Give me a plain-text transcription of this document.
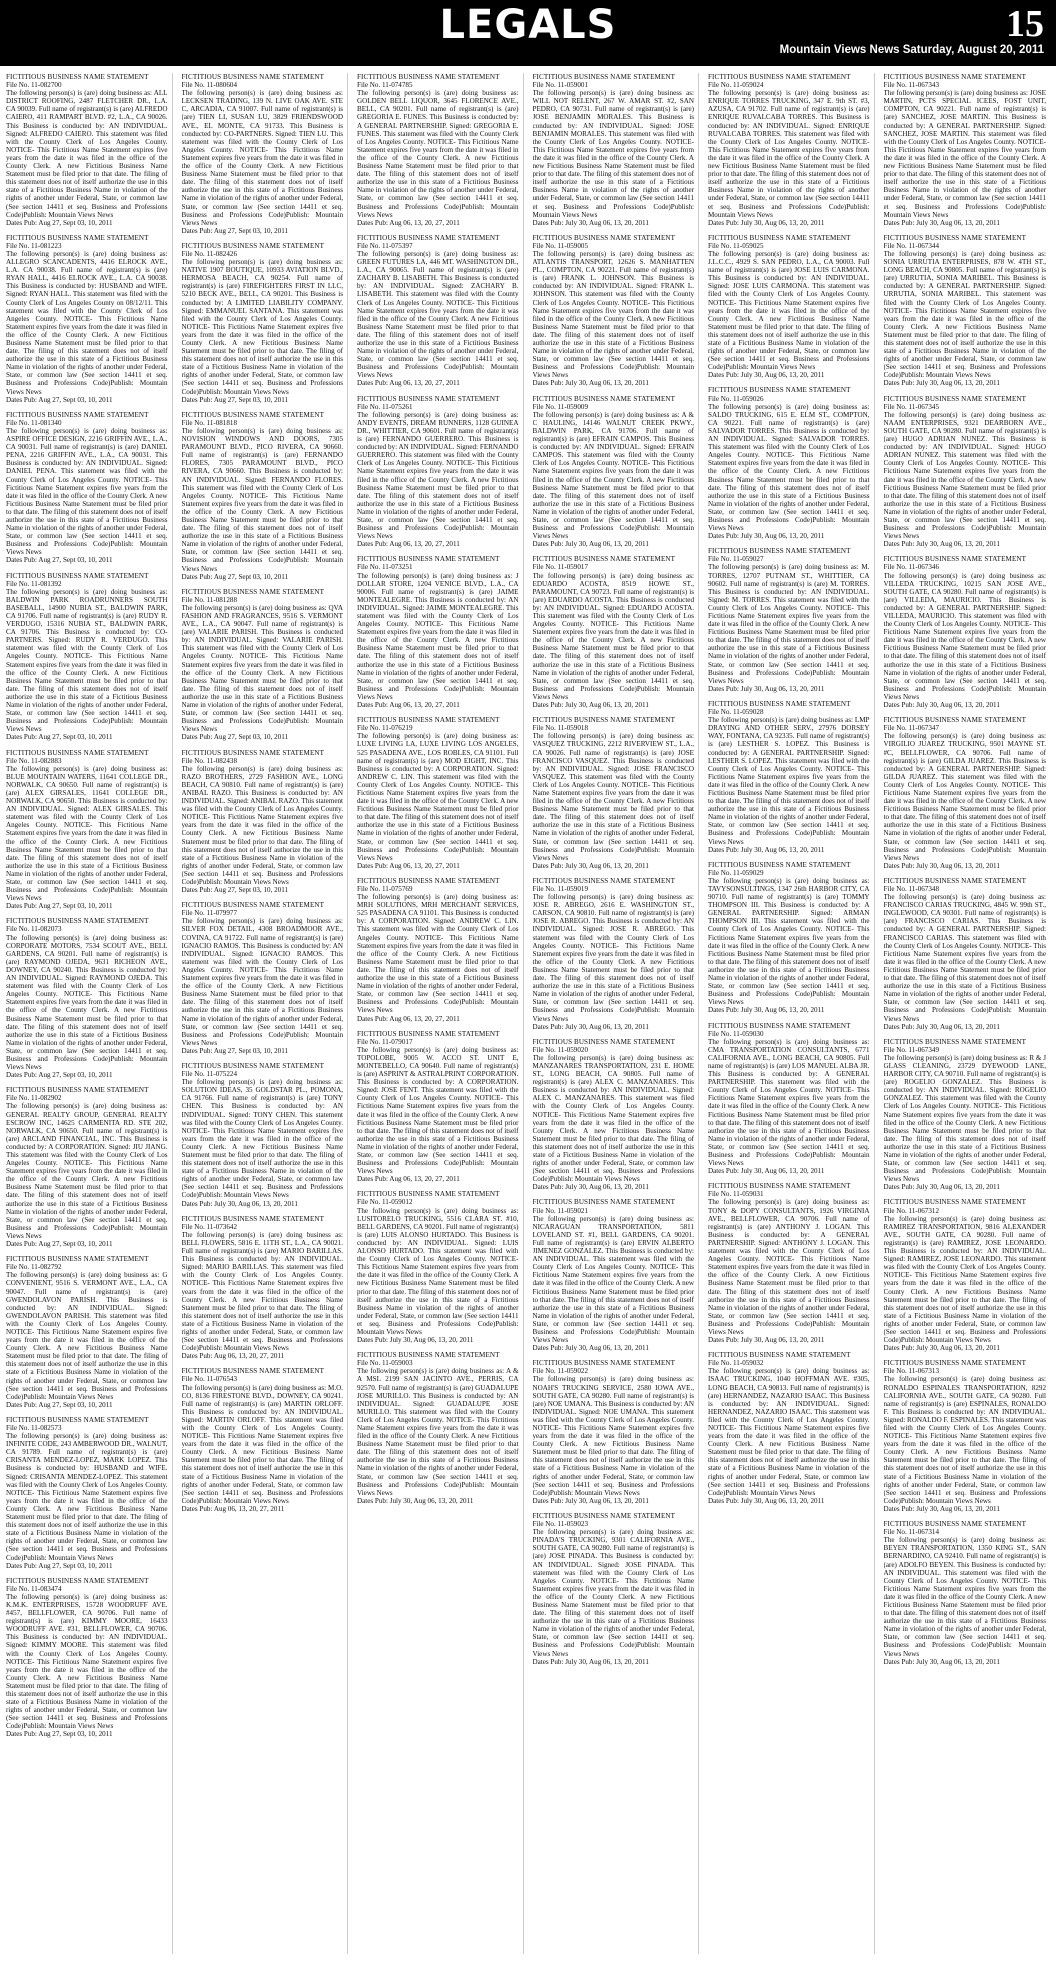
LEGALS	15
Mountain Views News Saturday, August 20, 2011
FICTITIOUS BUSINESS NAME STATEMENT
File No. 11-082700
The following person(s) is (are) doing business as: ALL DISTRICT ROOFING, 2487 FLETCHER DR., L.A. CA 90039. Full name of registrant(s) is (are) ALFREDO CAIERO, 411 RAMPART BLVD. #2, L.A., CA 90026. This Business is conducted by: AN INDIVIDUAL. Signed: ALFREDO CAIERO. This statement was filed with the County Clerk of Los Angeles County. NOTICE- This Fictitious Name Statement expires five years from the date it was filed in the office of the County Clerk. A new Fictitious Business Name Statement must be filed prior to that date. The filing of this statement does not of itself authorize the use in this state of a Fictitious Business Name in violation of the rights of another under Federal, State, or common law (See section 14411 et seq. Business and Professions Code)Publish: Mountain Views News
Dates Pub: Aug 27, Sept 03, 10, 2011
FICTITIOUS BUSINESS NAME STATEMENT
File No. 11-081223
The following person(s) is (are) doing business as: ALLEGRO SCANCADENTS, 4416 ELROCK AVE., L.A. CA 90038. Full name of registrant(s) is (are) RYAN HALL, 4416 ELROCK AVE., L.A. CA 90038. This Business is conducted by: HUSBAND and WIFE. Signed: RYAN HALL. This statement was filed with the County Clerk of Los Angeles County on 08/12/11. This statement was filed with the County Clerk of Los Angeles County. NOTICE- This Fictitious Name Statement expires five years from the date it was filed in the office of the County Clerk. A new Fictitious Business Name Statement must be filed prior to that date. The filing of this statement does not of itself authorize the use in this state of a Fictitious Business Name in violation of the rights of another under Federal, State, or common law (See section 14411 et seq. Business and Professions Code)Publish: Mountain Views News
Dates Pub: Aug 27, Sept 03, 10, 2011
FICTITIOUS BUSINESS NAME STATEMENT
File No. 11-081340
The following person(s) is (are) doing business as: ASPIRE OFFICE DESIGN, 2216 GRIFFIN AVE., L.A., CA 90031. Full name of registrant(s) is (are) DANIEL PENA, 2216 GRIFFIN AVE., L.A., CA 90031. This Business is conducted by: AN INDIVIDUAL. Signed: DANIEL PENA. This statement was filed with the County Clerk of Los Angeles County. NOTICE- This Fictitious Name Statement expires five years from the date it was filed in the office of the County Clerk. A new Fictitious Business Name Statement must be filed prior to that date. The filing of this statement does not of itself authorize the use in this state of a Fictitious Business Name in violation of the rights of another under Federal, State, or common law (See section 14411 et seq. Business and Professions Code)Publish: Mountain Views News
Dates Pub: Aug 27, Sept 03, 10, 2011
FICTITIOUS BUSINESS NAME STATEMENT
File No. 11-081392
The following person(s) is (are) doing business as: BALDWIN PARK ROADRUNNERS SOUTH BASEBALL, 14900 NUBIA ST., BALDWIN PARK, CA 91706. Full name of registrant(s) is (are) RUDY R. VERDUGO, 15316 NUBIA ST., BALDWIN PARK, CA 91706. This Business is conducted by: CO-PARTNERS. Signed: RUDY R. VERDUGO. This statement was filed with the County Clerk of Los Angeles County. NOTICE- This Fictitious Name Statement expires five years from the date it was filed in the office of the County Clerk. A new Fictitious Business Name Statement must be filed prior to that date. The filing of this statement does not of itself authorize the use in this state of a Fictitious Business Name in violation of the rights of another under Federal, State, or common law (See section 14411 et seq. Business and Professions Code)Publish: Mountain Views News
Dates Pub: Aug 27, Sept 03, 10, 2011
FICTITIOUS BUSINESS NAME STATEMENT
File No. 11-082883
The following person(s) is (are) doing business as: BLUE MOUNTAIN WATERS, 11641 COLLEGE DR., NORWALK, CA 90650. Full name of registrant(s) is (are) ALEX GIRSALES, 11641 COLLEGE DR., NORWALK, CA 90650. This Business is conducted by: AN INDIVIDUAL. Signed: ALEX GIRSALES. This statement was filed with the County Clerk of Los Angeles County. NOTICE- This Fictitious Name Statement expires five years from the date it was filed in the office of the County Clerk. A new Fictitious Business Name Statement must be filed prior to that date. The filing of this statement does not of itself authorize the use in this state of a Fictitious Business Name in violation of the rights of another under Federal, State, or common law (See section 14411 et seq. Business and Professions Code)Publish: Mountain Views News
Dates Pub: Aug 27, Sept 03, 10, 2011
FICTITIOUS BUSINESS NAME STATEMENT
File No. 11-082073
The following person(s) is (are) doing business as: CORPORATE MOTORS, 7534 SCOUT AVE., BELL GARDENS, CA 90201. Full name of registrant(s) is (are) RAYMOND OJEDA, 9631 RICHEON AVE., DOWNEY, CA 90240. This Business is conducted by: AN INDIVIDUAL. Signed: RAYMOND OJEDA. This statement was filed with the County Clerk of Los Angeles County. NOTICE- This Fictitious Name Statement expires five years from the date it was filed in the office of the County Clerk. A new Fictitious Business Name Statement must be filed prior to that date. The filing of this statement does not of itself authorize the use in this state of a Fictitious Business Name in violation of the rights of another under Federal, State, or common law (See section 14411 et seq. Business and Professions Code)Publish: Mountain Views News
Dates Pub: Aug 27, Sept 03, 10, 2011
FICTITIOUS BUSINESS NAME STATEMENT
File No. 11-082902
The following person(s) is (are) doing business as: GENERAL REALTY GROUP, GENERAL REALTY ESCROW INC, 14625 CARMENITA RD. STE 202, NORWALK, CA 90650. Full name of registrant(s) is (are) ARCLAND FINANCIAL, INC. This Business is conducted by: A CORPORATION. Signed: JIU JIANG. This statement was filed with the County Clerk of Los Angeles County. NOTICE- This Fictitious Name Statement expires five years from the date it was filed in the office of the County Clerk. A new Fictitious Business Name Statement must be filed prior to that date. The filing of this statement does not of itself authorize the use in this state of a Fictitious Business Name in violation of the rights of another under Federal, State, or common law (See section 14411 et seq. Business and Professions Code)Publish: Mountain Views News
Dates Pub: Aug 27, Sept 03, 10, 2011
FICTITIOUS BUSINESS NAME STATEMENT
File No. 11-082792
The following person(s) is (are) doing business as: G CONVENIENT, 9516 S. VERMONT AVE., L.A., CA 90047. Full name of registrant(s) is (are) GWENDOLAVON PARISH. This Business is conducted by: AN INDIVIDUAL. Signed: GWENDOLAVON PARISH. This statement was filed with the County Clerk of Los Angeles County. NOTICE- This Fictitious Name Statement expires five years from the date it was filed in the office of the County Clerk. A new Fictitious Business Name Statement must be filed prior to that date. The filing of this statement does not of itself authorize the use in this state of a Fictitious Business Name in violation of the rights of another under Federal, State, or common law (See section 14411 et seq. Business and Professions Code)Publish: Mountain Views News
Dates Pub: Aug 27, Sept 03, 10, 2011
FICTITIOUS BUSINESS NAME STATEMENT
File No. 11-082573
The following person(s) is (are) doing business as: INFINITE CODE, 243 AMBERWOOD DR., WALNUT, CA 91789. Full name of registrant(s) is (are) CRISANTA MENDEZ-LOPEZ, MARK LOPEZ. This Business is conducted by: HUSBAND and WIFE. Signed: CRISANTA MENDEZ-LOPEZ. This statement was filed with the County Clerk of Los Angeles County. NOTICE- This Fictitious Name Statement expires five years from the date it was filed in the office of the County Clerk. A new Fictitious Business Name Statement must be filed prior to that date. The filing of this statement does not of itself authorize the use in this state of a Fictitious Business Name in violation of the rights of another under Federal, State, or common law (See section 14411 et seq. Business and Professions Code)Publish: Mountain Views News
Dates Pub: Aug 27, Sept 03, 10, 2011
FICTITIOUS BUSINESS NAME STATEMENT
File No. 11-083474
The following person(s) is (are) doing business as: K.M.K. ENTERPRISES, 15728 WOODRUFF AVE. #457, BELLFLOWER, CA 90706. Full name of registrant(s) is (are) KIMMY MOORE, 16433 WOODRUFF AVE. #31, BELLFLOWER, CA 90706. This Business is conducted by: AN INDIVIDUAL. Signed: KIMMY MOORE. This statement was filed with the County Clerk of Los Angeles County. NOTICE- This Fictitious Name Statement expires five years from the date it was filed in the office of the County Clerk. A new Fictitious Business Name Statement must be filed prior to that date. The filing of this statement does not of itself authorize the use in this state of a Fictitious Business Name in violation of the rights of another under Federal, State, or common law (See section 14411 et seq. Business and Professions Code)Publish: Mountain Views News
Dates Pub: Aug 27, Sept 03, 10, 2011
FICTITIOUS BUSINESS NAME STATEMENT
File No. 11-080604
The following person(s) is (are) doing business as: LECKSEN TRADING, 139 N. LIVE OAK AVE. STE C, ARCADIA, CA 91007. Full name of registrant(s) is (are) TIEN LI, SUSAN LU, 3829 FRIENDSWOOD AVE., EL MONTE, CA 91733. This Business is conducted by: CO-PARTNERS. Signed: TIEN LU. This statement was filed with the County Clerk of Los Angeles County. NOTICE- This Fictitious Name Statement expires five years from the date it was filed in the office of the County Clerk. A new Fictitious Business Name Statement must be filed prior to that date. The filing of this statement does not of itself authorize the use in this state of a Fictitious Business Name in violation of the rights of another under Federal, State, or common law (See section 14411 et seq. Business and Professions Code)Publish: Mountain Views News
Dates Pub: Aug 27, Sept 03, 10, 2011
FICTITIOUS BUSINESS NAME STATEMENT
File No. 11-082426
The following person(s) is (are) doing business as: NATIVE 1907 BOUTIQUE, 10933 AVIATION BLVD., HERMOSA BEACH, CA 90254. Full name of registrant(s) is (are) FIREFIGHTERS FIRST IN LLC, 5210 BECK AVE., BELL, CA 90201. This Business is conducted by: A LIMITED LIABILITY COMPANY. Signed: EMMANUEL SANTANA. This statement was filed with the County Clerk of Los Angeles County. NOTICE- This Fictitious Name Statement expires five years from the date it was filed in the office of the County Clerk. A new Fictitious Business Name Statement must be filed prior to that date. The filing of this statement does not of itself authorize the use in this state of a Fictitious Business Name in violation of the rights of another under Federal, State, or common law (See section 14411 et seq. Business and Professions Code)Publish: Mountain Views News
Dates Pub: Aug 27, Sept 03, 10, 2011
FICTITIOUS BUSINESS NAME STATEMENT
File No. 11-081818
The following person(s) is (are) doing business as: NOVISION WINDOWS AND DOORS, 7305 PARAMOUNT BLVD., PICO RIVERA, CA 90660. Full name of registrant(s) is (are) FERNANDO FLORES, 7305 PARAMOUNT BLVD., PICO RIVERA, CA 90660. This Business is conducted by: AN INDIVIDUAL. Signed: FERNANDO FLORES. This statement was filed with the County Clerk of Los Angeles County. NOTICE- This Fictitious Name Statement expires five years from the date it was filed in the office of the County Clerk. A new Fictitious Business Name Statement must be filed prior to that date. The filing of this statement does not of itself authorize the use in this state of a Fictitious Business Name in violation of the rights of another under Federal, State, or common law (See section 14411 et seq. Business and Professions Code)Publish: Mountain Views News
Dates Pub: Aug 27, Sept 03, 10, 2011
FICTITIOUS BUSINESS NAME STATEMENT
File No. 11-081288
The following person(s) is (are) doing business as: QVA FASHION AND FRAGRANCES, 9516 S. VERMONT AVE., L.A., CA 90047. Full name of registrant(s) is (are) VALARIE PARISH. This Business is conducted by: AN INDIVIDUAL. Signed: VALARIE PARISH. This statement was filed with the County Clerk of Los Angeles County. NOTICE- This Fictitious Name Statement expires five years from the date it was filed in the office of the County Clerk. A new Fictitious Business Name Statement must be filed prior to that date. The filing of this statement does not of itself authorize the use in this state of a Fictitious Business Name in violation of the rights of another under Federal, State, or common law (See section 14411 et seq. Business and Professions Code)Publish: Mountain Views News
Dates Pub: Aug 27, Sept 03, 10, 2011
FICTITIOUS BUSINESS NAME STATEMENT
File No. 11-082438
The following person(s) is (are) doing business as: RAZO BROTHERS, 2729 FASHION AVE., LONG BEACH, CA 90810. Full name of registrant(s) is (are) ANIBAL RAZO. This Business is conducted by: AN INDIVIDUAL. Signed: ANIBAL RAZO. This statement was filed with the County Clerk of Los Angeles County. NOTICE- This Fictitious Name Statement expires five years from the date it was filed in the office of the County Clerk. A new Fictitious Business Name Statement must be filed prior to that date. The filing of this statement does not of itself authorize the use in this state of a Fictitious Business Name in violation of the rights of another under Federal, State, or common law (See section 14411 et seq. Business and Professions Code)Publish: Mountain Views News
Dates Pub: Aug 27, Sept 03, 10, 2011
FICTITIOUS BUSINESS NAME STATEMENT
File No. 11-079977
The following person(s) is (are) doing business as: SILVER FOX DETAIL, 4308 BROADMOOR AVE., COVINA, CA 91722. Full name of registrant(s) is (are) IGNACIO RAMOS. This Business is conducted by: AN INDIVIDUAL. Signed: IGNACIO RAMOS. This statement was filed with the County Clerk of Los Angeles County. NOTICE- This Fictitious Name Statement expires five years from the date it was filed in the office of the County Clerk. A new Fictitious Business Name Statement must be filed prior to that date. The filing of this statement does not of itself authorize the use in this state of a Fictitious Business Name in violation of the rights of another under Federal, State, or common law (See section 14411 et seq. Business and Professions Code)Publish: Mountain Views News
Dates Pub: Aug 27, Sept 03, 10, 2011
FICTITIOUS BUSINESS NAME STATEMENT
File No. 11-075224
The following person(s) is (are) doing business as: SOLUTION IDEAS, 35 GOLDSTAR PL., POMONA, CA 91766. Full name of registrant(s) is (are) TONY CHEN. This Business is conducted by: AN INDIVIDUAL. Signed: TONY CHEN. This statement was filed with the County Clerk of Los Angeles County. NOTICE- This Fictitious Name Statement expires five years from the date it was filed in the office of the County Clerk. A new Fictitious Business Name Statement must be filed prior to that date. The filing of this statement does not of itself authorize the use in this state of a Fictitious Business Name in violation of the rights of another under Federal, State, or common law (See section 14411 et seq. Business and Professions Code)Publish: Mountain Views News
Dates Pub: July 30, Aug 06, 13, 20, 2011
FICTITIOUS BUSINESS NAME STATEMENT
File No. 11-073642
The following person(s) is (are) doing business as: BELL FLOWERS, 5816 E. 11TH ST., L.A., CA 90021. Full name of registrant(s) is (are) MARIO BARILLAS. This Business is conducted by: AN INDIVIDUAL. Signed: MARIO BARILLAS. This statement was filed with the County Clerk of Los Angeles County. NOTICE- This Fictitious Name Statement expires five years from the date it was filed in the office of the County Clerk. A new Fictitious Business Name Statement must be filed prior to that date. The filing of this statement does not of itself authorize the use in this state of a Fictitious Business Name in violation of the rights of another under Federal, State, or common law (See section 14411 et seq. Business and Professions Code)Publish: Mountain Views News
Dates Pub: Aug 06, 13, 20, 27, 2011
FICTITIOUS BUSINESS NAME STATEMENT
File No. 11-076543
The following person(s) is (are) doing business as: M.O. CO, 8136 FIRESTONE BLVD., DOWNEY, CA 90241. Full name of registrant(s) is (are) MARTIN ORLOFF. This Business is conducted by: AN INDIVIDUAL. Signed: MARTIN ORLOFF. This statement was filed with the County Clerk of Los Angeles County. NOTICE- This Fictitious Name Statement expires five years from the date it was filed in the office of the County Clerk. A new Fictitious Business Name Statement must be filed prior to that date. The filing of this statement does not of itself authorize the use in this state of a Fictitious Business Name in violation of the rights of another under Federal, State, or common law (See section 14411 et seq. Business and Professions Code)Publish: Mountain Views News
Dates Pub: Aug 06, 13, 20, 27, 2011
FICTITIOUS BUSINESS NAME STATEMENT
File No. 11-074785
The following person(s) is (are) doing business as: GOLDEN BELL LIQUOR, 3645 FLORENCE AVE., BELL, CA 90201. Full name of registrant(s) is (are) GREGORIA E. FUNES. This Business is conducted by: A GENERAL PARTNERSHIP. Signed: GREGORIA E. FUNES. This statement was filed with the County Clerk of Los Angeles County. NOTICE- This Fictitious Name Statement expires five years from the date it was filed in the office of the County Clerk. A new Fictitious Business Name Statement must be filed prior to that date. The filing of this statement does not of itself authorize the use in this state of a Fictitious Business Name in violation of the rights of another under Federal, State, or common law (See section 14411 et seq. Business and Professions Code)Publish: Mountain Views News
Dates Pub: Aug 06, 13, 20, 27, 2011
FICTITIOUS BUSINESS NAME STATEMENT
File No. 11-075397
The following person(s) is (are) doing business as: GREEN FUTURES LA, 446 MT. WASHINGTON DR., L.A., CA 90065. Full name of registrant(s) is (are) ZACHARY B. LISABETH. This Business is conducted by: AN INDIVIDUAL. Signed: ZACHARY B. LISABETH. This statement was filed with the County Clerk of Los Angeles County. NOTICE- This Fictitious Name Statement expires five years from the date it was filed in the office of the County Clerk. A new Fictitious Business Name Statement must be filed prior to that date. The filing of this statement does not of itself authorize the use in this state of a Fictitious Business Name in violation of the rights of another under Federal, State, or common law (See section 14411 et seq. Business and Professions Code)Publish: Mountain Views News
Dates Pub: Aug 06, 13, 20, 27, 2011
FICTITIOUS BUSINESS NAME STATEMENT
File No. 11-075261
The following person(s) is (are) doing business as: ANDY EVENTS, DREAM RUNNERS, 1128 GUINEA DR., WHITTIER, CA 90601. Full name of registrant(s) is (are) FERNANDO GUERRERO. This Business is conducted by: AN INDIVIDUAL. Signed: FERNANDO GUERRERO. This statement was filed with the County Clerk of Los Angeles County. NOTICE- This Fictitious Name Statement expires five years from the date it was filed in the office of the County Clerk. A new Fictitious Business Name Statement must be filed prior to that date. The filing of this statement does not of itself authorize the use in this state of a Fictitious Business Name in violation of the rights of another under Federal, State, or common law (See section 14411 et seq. Business and Professions Code)Publish: Mountain Views News
Dates Pub: Aug 06, 13, 20, 27, 2011
FICTITIOUS BUSINESS NAME STATEMENT
File No. 11-073251
The following person(s) is (are) doing business as: J DOLLAR STORE, 1204 VENICE BLVD., L.A., CA 90006. Full name of registrant(s) is (are) JAIME MONTEALEGRE. This Business is conducted by: AN INDIVIDUAL. Signed: JAIME MONTEALEGRE. This statement was filed with the County Clerk of Los Angeles County. NOTICE- This Fictitious Name Statement expires five years from the date it was filed in the office of the County Clerk. A new Fictitious Business Name Statement must be filed prior to that date. The filing of this statement does not of itself authorize the use in this state of a Fictitious Business Name in violation of the rights of another under Federal, State, or common law (See section 14411 et seq. Business and Professions Code)Publish: Mountain Views News
Dates Pub: Aug 06, 13, 20, 27, 2011
FICTITIOUS BUSINESS NAME STATEMENT
File No. 11-076219
The following person(s) is (are) doing business as: LUXE LIVING LA, LUXE LIVING LOS ANGELES, 525 PASADENA AVE., LOS ROBLES, CA 91101. Full name of registrant(s) is (are) MOD EIGHT, INC. This Business is conducted by: A CORPORATION. Signed: ANDREW C. LIN. This statement was filed with the County Clerk of Los Angeles County. NOTICE- This Fictitious Name Statement expires five years from the date it was filed in the office of the County Clerk. A new Fictitious Business Name Statement must be filed prior to that date. The filing of this statement does not of itself authorize the use in this state of a Fictitious Business Name in violation of the rights of another under Federal, State, or common law (See section 14411 et seq. Business and Professions Code)Publish: Mountain Views News
Dates Pub: Aug 06, 13, 20, 27, 2011
FICTITIOUS BUSINESS NAME STATEMENT
File No. 11-075769
The following person(s) is (are) doing business as: MRH SOLUTIONS, MRH MERCHANT SERVICES, 525 PASADENA CA 91101. This Business is conducted by: A CORPORATION. Signed: ANDREW C. LIN. This statement was filed with the County Clerk of Los Angeles County. NOTICE- This Fictitious Name Statement expires five years from the date it was filed in the office of the County Clerk. A new Fictitious Business Name Statement must be filed prior to that date. The filing of this statement does not of itself authorize the use in this state of a Fictitious Business Name in violation of the rights of another under Federal, State, or common law (See section 14411 et seq. Business and Professions Code)Publish: Mountain Views News
Dates Pub: Aug 06, 13, 20, 27, 2011
FICTITIOUS BUSINESS NAME STATEMENT
File No. 11-079017
The following person(s) is (are) doing business as: TOPOLOBE, 9005 W. ACCO ST. UNIT E, MONTEBELLO, CA 90640. Full name of registrant(s) is (are) ASPRINT & ASTRALPRINT CORPORATION. This Business is conducted by: A CORPORATION. Signed: JOSE FENT. This statement was filed with the County Clerk of Los Angeles County. NOTICE- This Fictitious Name Statement expires five years from the date it was filed in the office of the County Clerk. A new Fictitious Business Name Statement must be filed prior to that date. The filing of this statement does not of itself authorize the use in this state of a Fictitious Business Name in violation of the rights of another under Federal, State, or common law (See section 14411 et seq. Business and Professions Code)Publish: Mountain Views News
Dates Pub: Aug 06, 13, 20, 27, 2011
FICTITIOUS BUSINESS NAME STATEMENT
File No. 11-059012
The following person(s) is (are) doing business as: LUSITORELO TRUCKING, 5516 CLARA ST. #10, BELL GARDENS, CA 90201. Full name of registrant(s) is (are) LUIS ALONSO HURTADO. This Business is conducted by: AN INDIVIDUAL. Signed: LUIS ALONSO HURTADO. This statement was filed with the County Clerk of Los Angeles County. NOTICE- This Fictitious Name Statement expires five years from the date it was filed in the office of the County Clerk. A new Fictitious Business Name Statement must be filed prior to that date. The filing of this statement does not of itself authorize the use in this state of a Fictitious Business Name in violation of the rights of another under Federal, State, or common law (See section 14411 et seq. Business and Professions Code)Publish: Mountain Views News
Dates Pub: July 30, Aug 06, 13, 20, 2011
FICTITIOUS BUSINESS NAME STATEMENT
File No. 11-059003
The following person(s) is (are) doing business as: A & A MSL 2199 SAN JACINTO AVE., PERRIS, CA 92570. Full name of registrant(s) is (are) GUADALUPE JOSE MURILLO. This Business is conducted by: AN INDIVIDUAL. Signed: GUADALUPE JOSE MURILLO. This statement was filed with the County Clerk of Los Angeles County. NOTICE- This Fictitious Name Statement expires five years from the date it was filed in the office of the County Clerk. A new Fictitious Business Name Statement must be filed prior to that date. The filing of this statement does not of itself authorize the use in this state of a Fictitious Business Name in violation of the rights of another under Federal, State, or common law (See section 14411 et seq. Business and Professions Code)Publish: Mountain Views News
Dates Pub: July 30, Aug 06, 13, 20, 2011
FICTITIOUS BUSINESS NAME STATEMENT
File No. 11-059001
The following person(s) is (are) doing business as: WILL NOT RELENT, 267 W. AMAR ST. #2, SAN PEDRO, CA 90731. Full name of registrant(s) is (are) JOSE BENJAMIN MORALES. This Business is conducted by: AN INDIVIDUAL. Signed: JOSE BENJAMIN MORALES. This statement was filed with the County Clerk of Los Angeles County. NOTICE- This Fictitious Name Statement expires five years from the date it was filed in the office of the County Clerk. A new Fictitious Business Name Statement must be filed prior to that date. The filing of this statement does not of itself authorize the use in this state of a Fictitious Business Name in violation of the rights of another under Federal, State, or common law (See section 14411 et seq. Business and Professions Code)Publish: Mountain Views News
Dates Pub: July 30, Aug 06, 13, 20, 2011
FICTITIOUS BUSINESS NAME STATEMENT
File No. 11-059005
The following person(s) is (are) doing business as: ATLANTIS TRANSPORT, 12626 S. MANHATTEN PL., COMPTON, CA 90221. Full name of registrant(s) is (are) FRANK L. JOHNSON. This Business is conducted by: AN INDIVIDUAL. Signed: FRANK L. JOHNSON. This statement was filed with the County Clerk of Los Angeles County. NOTICE- This Fictitious Name Statement expires five years from the date it was filed in the office of the County Clerk. A new Fictitious Business Name Statement must be filed prior to that date. The filing of this statement does not of itself authorize the use in this state of a Fictitious Business Name in violation of the rights of another under Federal, State, or common law (See section 14411 et seq. Business and Professions Code)Publish: Mountain Views News
Dates Pub: July 30, Aug 06, 13, 20, 2011
FICTITIOUS BUSINESS NAME STATEMENT
File No. 11-059009
The following person(s) is (are) doing business as: A & C HAULING, 14146 WALNUT CREEK PKWY., BALDWIN PARK, CA 91706. Full name of registrant(s) is (are) EFRAIN CAMPOS. This Business is conducted by: AN INDIVIDUAL. Signed: EFRAIN CAMPOS. This statement was filed with the County Clerk of Los Angeles County. NOTICE- This Fictitious Name Statement expires five years from the date it was filed in the office of the County Clerk. A new Fictitious Business Name Statement must be filed prior to that date. The filing of this statement does not of itself authorize the use in this state of a Fictitious Business Name in violation of the rights of another under Federal, State, or common law (See section 14411 et seq. Business and Professions Code)Publish: Mountain Views News
Dates Pub: July 30, Aug 06, 13, 20, 2011
FICTITIOUS BUSINESS NAME STATEMENT
File No. 11-059017
The following person(s) is (are) doing business as: EDUARDO ACOSTA, 8519 HOWE ST., PARAMOUNT, CA 90723. Full name of registrant(s) is (are) EDUARDO ACOSTA. This Business is conducted by: AN INDIVIDUAL. Signed: EDUARDO ACOSTA. This statement was filed with the County Clerk of Los Angeles County. NOTICE- This Fictitious Name Statement expires five years from the date it was filed in the office of the County Clerk. A new Fictitious Business Name Statement must be filed prior to that date. The filing of this statement does not of itself authorize the use in this state of a Fictitious Business Name in violation of the rights of another under Federal, State, or common law (See section 14411 et seq. Business and Professions Code)Publish: Mountain Views News
Dates Pub: July 30, Aug 06, 13, 20, 2011
FICTITIOUS BUSINESS NAME STATEMENT
File No. 11-059018
The following person(s) is (are) doing business as: VASQUEZ TRUCKING, 2212 RIVERVIEW ST., L.A., CA 90026. Full name of registrant(s) is (are) JOSE FRANCISCO VASQUEZ. This Business is conducted by: AN INDIVIDUAL. Signed: JOSE FRANCISCO VASQUEZ. This statement was filed with the County Clerk of Los Angeles County. NOTICE- This Fictitious Name Statement expires five years from the date it was filed in the office of the County Clerk. A new Fictitious Business Name Statement must be filed prior to that date. The filing of this statement does not of itself authorize the use in this state of a Fictitious Business Name in violation of the rights of another under Federal, State, or common law (See section 14411 et seq. Business and Professions Code)Publish: Mountain Views News
Dates Pub: July 30, Aug 06, 13, 20, 2011
FICTITIOUS BUSINESS NAME STATEMENT
File No. 11-059019
The following person(s) is (are) doing business as: JOSE R. ABREGO, 2616 E. WASHINGTON ST., CARSON, CA 90810. Full name of registrant(s) is (are) JOSE R. ABREGO. This Business is conducted by: AN INDIVIDUAL. Signed: JOSE R. ABREGO. This statement was filed with the County Clerk of Los Angeles County. NOTICE- This Fictitious Name Statement expires five years from the date it was filed in the office of the County Clerk. A new Fictitious Business Name Statement must be filed prior to that date. The filing of this statement does not of itself authorize the use in this state of a Fictitious Business Name in violation of the rights of another under Federal, State, or common law (See section 14411 et seq. Business and Professions Code)Publish: Mountain Views News
Dates Pub: July 30, Aug 06, 13, 20, 2011
FICTITIOUS BUSINESS NAME STATEMENT
File No. 11-059020
The following person(s) is (are) doing business as: MANZANARES TRANSPORTATION, 231 E. HOME ST., LONG BEACH, CA 90805. Full name of registrant(s) is (are) ALEX C. MANZANARES. This Business is conducted by: AN INDIVIDUAL. Signed: ALEX C. MANZANARES. This statement was filed with the County Clerk of Los Angeles County. NOTICE- This Fictitious Name Statement expires five years from the date it was filed in the office of the County Clerk. A new Fictitious Business Name Statement must be filed prior to that date. The filing of this statement does not of itself authorize the use in this state of a Fictitious Business Name in violation of the rights of another under Federal, State, or common law (See section 14411 et seq. Business and Professions Code)Publish: Mountain Views News
Dates Pub: July 30, Aug 06, 13, 20, 2011
FICTITIOUS BUSINESS NAME STATEMENT
File No. 11-059021
The following person(s) is (are) doing business as: NICARAGUAN TRANSPORTATION, 5811 LOVELAND ST. #1, BELL GARDENS, CA 90201. Full name of registrant(s) is (are) ERVIN ALBERTO JIMENEZ GONZALEZ. This Business is conducted by: AN INDIVIDUAL. This statement was filed with the County Clerk of Los Angeles County. NOTICE- This Fictitious Name Statement expires five years from the date it was filed in the office of the County Clerk. A new Fictitious Business Name Statement must be filed prior to that date. The filing of this statement does not of itself authorize the use in this state of a Fictitious Business Name in violation of the rights of another under Federal, State, or common law (See section 14411 et seq. Business and Professions Code)Publish: Mountain Views News
Dates Pub: July 30, Aug 06, 13, 20, 2011
FICTITIOUS BUSINESS NAME STATEMENT
File No. 11-059022
The following person(s) is (are) doing business as: NOAH'S TRUCKING SERVICE, 2580 IOWA AVE., SOUTH GATE, CA 90280. Full name of registrant(s) is (are) NOE UMANA. This Business is conducted by: AN INDIVIDUAL. Signed: NOE UMANA. This statement was filed with the County Clerk of Los Angeles County. NOTICE- This Fictitious Name Statement expires five years from the date it was filed in the office of the County Clerk. A new Fictitious Business Name Statement must be filed prior to that date. The filing of this statement does not of itself authorize the use in this state of a Fictitious Business Name in violation of the rights of another under Federal, State, or common law (See section 14411 et seq. Business and Professions Code)Publish: Mountain Views News
Dates Pub: July 30, Aug 06, 13, 20, 2011
FICTITIOUS BUSINESS NAME STATEMENT
File No. 11-059023
The following person(s) is (are) doing business as: PINADA'S TRUCKING, 9301 CALIFORNIA AVE., SOUTH GATE, CA 90280. Full name of registrant(s) is (are) JOSE PINADA. This Business is conducted by: AN INDIVIDUAL. Signed: JOSE PINADA. This statement was filed with the County Clerk of Los Angeles County. NOTICE- This Fictitious Name Statement expires five years from the date it was filed in the office of the County Clerk. A new Fictitious Business Name Statement must be filed prior to that date. The filing of this statement does not of itself authorize the use in this state of a Fictitious Business Name in violation of the rights of another under Federal, State, or common law (See section 14411 et seq. Business and Professions Code)Publish: Mountain Views News
Dates Pub: July 30, Aug 06, 13, 20, 2011
FICTITIOUS BUSINESS NAME STATEMENT
File No. 11-059024
The following person(s) is (are) doing business as: ENRIQUE TORRES TRUCKING, 347 E. 9th ST. #3, AZUSA, CA 91702. Full name of registrant(s) is (are) ENRIQUE RUVALCABA TORRES. This Business is conducted by: AN INDIVIDUAL. Signed: ENRIQUE RUVALCABA TORRES. This statement was filed with the County Clerk of Los Angeles County. NOTICE- This Fictitious Name Statement expires five years from the date it was filed in the office of the County Clerk. A new Fictitious Business Name Statement must be filed prior to that date. The filing of this statement does not of itself authorize the use in this state of a Fictitious Business Name in violation of the rights of another under Federal, State, or common law (See section 14411 et seq. Business and Professions Code)Publish: Mountain Views News
Dates Pub: July 30, Aug 06, 13, 20, 2011
FICTITIOUS BUSINESS NAME STATEMENT
File No. 11-059025
The following person(s) is (are) doing business as: J.L.C.C., 4929 S. SAN PEDRO, L.A., CA 90003. Full name of registrant(s) is (are) JOSE LUIS CARMONA. This Business is conducted by: AN INDIVIDUAL. Signed: JOSE LUIS CARMONA. This statement was filed with the County Clerk of Los Angeles County. NOTICE- This Fictitious Name Statement expires five years from the date it was filed in the office of the County Clerk. A new Fictitious Business Name Statement must be filed prior to that date. The filing of this statement does not of itself authorize the use in this state of a Fictitious Business Name in violation of the rights of another under Federal, State, or common law (See section 14411 et seq. Business and Professions Code)Publish: Mountain Views News
Dates Pub: July 30, Aug 06, 13, 20, 2011
FICTITIOUS BUSINESS NAME STATEMENT
File No. 11-059026
The following person(s) is (are) doing business as: SALDO TRUCKING, 615 E. ELM ST., COMPTON, CA 90221. Full name of registrant(s) is (are) SALVADOR TORRES. This Business is conducted by: AN INDIVIDUAL. Signed: SALVADOR TORRES. This statement was filed with the County Clerk of Los Angeles County. NOTICE- This Fictitious Name Statement expires five years from the date it was filed in the office of the County Clerk. A new Fictitious Business Name Statement must be filed prior to that date. The filing of this statement does not of itself authorize the use in this state of a Fictitious Business Name in violation of the rights of another under Federal, State, or common law (See section 14411 et seq. Business and Professions Code)Publish: Mountain Views News
Dates Pub: July 30, Aug 06, 13, 20, 2011
FICTITIOUS BUSINESS NAME STATEMENT
File No. 11-059027
The following person(s) is (are) doing business as: M. TORRES, 12707 PUTNAM ST., WHITTIER, CA 90602. Full name of registrant(s) is (are) M. TORRES. This Business is conducted by: AN INDIVIDUAL. Signed: M. TORRES. This statement was filed with the County Clerk of Los Angeles County. NOTICE- This Fictitious Name Statement expires five years from the date it was filed in the office of the County Clerk. A new Fictitious Business Name Statement must be filed prior to that date. The filing of this statement does not of itself authorize the use in this state of a Fictitious Business Name in violation of the rights of another under Federal, State, or common law (See section 14411 et seq. Business and Professions Code)Publish: Mountain Views News
Dates Pub: July 30, Aug 06, 13, 20, 2011
FICTITIOUS BUSINESS NAME STATEMENT
File No. 11-059028
The following person(s) is (are) doing business as: LMP DRAYING AND OTHER SERV., 27976 DORSEY WAY, FONTANA, CA 92335. Full name of registrant(s) is (are) LESTHER S. LOPEZ. This Business is conducted by: A GENERAL PARTNERSHIP. Signed: LESTHER S. LOPEZ. This statement was filed with the County Clerk of Los Angeles County. NOTICE- This Fictitious Name Statement expires five years from the date it was filed in the office of the County Clerk. A new Fictitious Business Name Statement must be filed prior to that date. The filing of this statement does not of itself authorize the use in this state of a Fictitious Business Name in violation of the rights of another under Federal, State, or common law (See section 14411 et seq. Business and Professions Code)Publish: Mountain Views News
Dates Pub: July 30, Aug 06, 13, 20, 2011
FICTITIOUS BUSINESS NAME STATEMENT
File No. 11-059029
The following person(s) is (are) doing business as: TAVYSONSULTINGS, 1347 26th HARBOR CITY, CA 90710. Full name of registrant(s) is (are) TOMMY THOMPSON III. This Business is conducted by: A GENERAL PARTNERSHIP. Signed: ARMAN THOMPSON III. This statement was filed with the County Clerk of Los Angeles County. NOTICE- This Fictitious Name Statement expires five years from the date it was filed in the office of the County Clerk. A new Fictitious Business Name Statement must be filed prior to that date. The filing of this statement does not of itself authorize the use in this state of a Fictitious Business Name in violation of the rights of another under Federal, State, or common law (See section 14411 et seq. Business and Professions Code)Publish: Mountain Views News
Dates Pub: July 30, Aug 06, 13, 20, 2011
FICTITIOUS BUSINESS NAME STATEMENT
File No. 11-059030
The following person(s) is (are) doing business as: CMA TRANSPORTATION CONSULTANTS, 6771 CALIFORNIA AVE., LONG BEACH, CA 90805. Full name of registrant(s) is (are) LOS MANUEL ALBA JR. This Business is conducted by: A GENERAL PARTNERSHIP. This statement was filed with the County Clerk of Los Angeles County. NOTICE- This Fictitious Name Statement expires five years from the date it was filed in the office of the County Clerk. A new Fictitious Business Name Statement must be filed prior to that date. The filing of this statement does not of itself authorize the use in this state of a Fictitious Business Name in violation of the rights of another under Federal, State, or common law (See section 14411 et seq. Business and Professions Code)Publish: Mountain Views News
Dates Pub: July 30, Aug 06, 13, 20, 2011
FICTITIOUS BUSINESS NAME STATEMENT
File No. 11-059031
The following person(s) is (are) doing business as: TONY & DOPY CONSULTANTS, 1926 VIRGINIA AVE., BELLFLOWER, CA 90706. Full name of registrant(s) is (are) ANTHONY J. LOGAN. This Business is conducted by: A GENERAL PARTNERSHIP. Signed: ANTHONY J. LOGAN. This statement was filed with the County Clerk of Los Angeles County. NOTICE- This Fictitious Name Statement expires five years from the date it was filed in the office of the County Clerk. A new Fictitious Business Name Statement must be filed prior to that date. The filing of this statement does not of itself authorize the use in this state of a Fictitious Business Name in violation of the rights of another under Federal, State, or common law (See section 14411 et seq. Business and Professions Code)Publish: Mountain Views News
Dates Pub: July 30, Aug 06, 13, 20, 2011
FICTITIOUS BUSINESS NAME STATEMENT
File No. 11-059032
The following person(s) is (are) doing business as: ISAAC TRUCKING, 1040 HOFFMAN AVE. #305, LONG BEACH, CA 90813. Full name of registrant(s) is (are) HERNANDEZ, NAZARIO ISAAC. This Business is conducted by: AN INDIVIDUAL. Signed: HERNANDEZ, NAZARIO ISAAC. This statement was filed with the County Clerk of Los Angeles County. NOTICE- This Fictitious Name Statement expires five years from the date it was filed in the office of the County Clerk. A new Fictitious Business Name Statement must be filed prior to that date. The filing of this statement does not of itself authorize the use in this state of a Fictitious Business Name in violation of the rights of another under Federal, State, or common law (See section 14411 et seq. Business and Professions Code)Publish: Mountain Views News
Dates Pub: July 30, Aug 06, 13, 20, 2011
FICTITIOUS BUSINESS NAME STATEMENT
File No. 11-067343
The following person(s) is (are) doing business as: JOSE MARTIN, PCTS SPECIAL ICEES, FOST UNIT, COMPTON, CA 90221. Full name of registrant(s) is (are) SANCHEZ, JOSE MARTIN. This Business is conducted by: A GENERAL PARTNERSHIP. Signed: SANCHEZ, JOSE MARTIN. This statement was filed with the County Clerk of Los Angeles County. NOTICE- This Fictitious Name Statement expires five years from the date it was filed in the office of the County Clerk. A new Fictitious Business Name Statement must be filed prior to that date. The filing of this statement does not of itself authorize the use in this state of a Fictitious Business Name in violation of the rights of another under Federal, State, or common law (See section 14411 et seq. Business and Professions Code)Publish: Mountain Views News
Dates Pub: July 30, Aug 06, 13, 20, 2011
FICTITIOUS BUSINESS NAME STATEMENT
File No. 11-067344
The following person(s) is (are) doing business as: SONIA URRUTIA ENTERPRISES, 878 W. 4TH ST., LONG BEACH, CA 90805. Full name of registrant(s) is (are) URRUTIA, SONIA MARIBEL. This Business is conducted by: A GENERAL PARTNERSHIP. Signed: URRUTIA, SONIA MARIBEL. This statement was filed with the County Clerk of Los Angeles County. NOTICE- This Fictitious Name Statement expires five years from the date it was filed in the office of the County Clerk. A new Fictitious Business Name Statement must be filed prior to that date. The filing of this statement does not of itself authorize the use in this state of a Fictitious Business Name in violation of the rights of another under Federal, State, or common law (See section 14411 et seq. Business and Professions Code)Publish: Mountain Views News
Dates Pub: July 30, Aug 06, 13, 20, 2011
FICTITIOUS BUSINESS NAME STATEMENT
File No. 11-067345
The following person(s) is (are) doing business as: NAAM ENTERPRISES, 9321 DEARBORN AVE., SOUTH GATE, CA 90280. Full name of registrant(s) is (are) HUGO ADRIAN NUNEZ. This Business is conducted by: AN INDIVIDUAL. Signed: HUGO ADRIAN NUNEZ. This statement was filed with the County Clerk of Los Angeles County. NOTICE- This Fictitious Name Statement expires five years from the date it was filed in the office of the County Clerk. A new Fictitious Business Name Statement must be filed prior to that date. The filing of this statement does not of itself authorize the use in this state of a Fictitious Business Name in violation of the rights of another under Federal, State, or common law (See section 14411 et seq. Business and Professions Code)Publish: Mountain Views News
Dates Pub: July 30, Aug 06, 13, 20, 2011
FICTITIOUS BUSINESS NAME STATEMENT
File No. 11-067346
The following person(s) is (are) doing business as: VILLEDA TRUCKING, 10215 SAN JOSE AVE., SOUTH GATE, CA 90280. Full name of registrant(s) is (are) VILLEDA, MAURICIO. This Business is conducted by: A GENERAL PARTNERSHIP. Signed: VILLEDA, MAURICIO. This statement was filed with the County Clerk of Los Angeles County. NOTICE- This Fictitious Name Statement expires five years from the date it was filed in the office of the County Clerk. A new Fictitious Business Name Statement must be filed prior to that date. The filing of this statement does not of itself authorize the use in this state of a Fictitious Business Name in violation of the rights of another under Federal, State, or common law (See section 14411 et seq. Business and Professions Code)Publish: Mountain Views News
Dates Pub: July 30, Aug 06, 13, 20, 2011
FICTITIOUS BUSINESS NAME STATEMENT
File No. 11-067347
The following person(s) is (are) doing business as: VIRGILIO JUAREZ TRUCKING, 9501 MAYNE ST. #C, BELLFLOWER, CA 90706. Full name of registrant(s) is (are) GILDA JUAREZ. This Business is conducted by: A GENERAL PARTNERSHIP. Signed: GILDA JUAREZ. This statement was filed with the County Clerk of Los Angeles County. NOTICE- This Fictitious Name Statement expires five years from the date it was filed in the office of the County Clerk. A new Fictitious Business Name Statement must be filed prior to that date. The filing of this statement does not of itself authorize the use in this state of a Fictitious Business Name in violation of the rights of another under Federal, State, or common law (See section 14411 et seq. Business and Professions Code)Publish: Mountain Views News
Dates Pub: July 30, Aug 06, 13, 20, 2011
FICTITIOUS BUSINESS NAME STATEMENT
File No. 11-067348
The following person(s) is (are) doing business as: FRANCISCO CARIAS TRUCKING, 4845 W. 99th ST., INGLEWOOD, CA 90301. Full name of registrant(s) is (are) FRANCISCO CARIAS. This Business is conducted by: A GENERAL PARTNERSHIP. Signed: FRANCISCO CARIAS. This statement was filed with the County Clerk of Los Angeles County. NOTICE- This Fictitious Name Statement expires five years from the date it was filed in the office of the County Clerk. A new Fictitious Business Name Statement must be filed prior to that date. The filing of this statement does not of itself authorize the use in this state of a Fictitious Business Name in violation of the rights of another under Federal, State, or common law (See section 14411 et seq. Business and Professions Code)Publish: Mountain Views News
Dates Pub: July 30, Aug 06, 13, 20, 2011
FICTITIOUS BUSINESS NAME STATEMENT
File No. 11-067349
The following person(s) is (are) doing business as: R & J GLASS CLEANING, 23729 DYEWOOD LANE, HARBOR CITY, CA 90710. Full name of registrant(s) is (are) ROGELIO GONZALEZ. This Business is conducted by: AN INDIVIDUAL. Signed: ROGELIO GONZALEZ. This statement was filed with the County Clerk of Los Angeles County. NOTICE- This Fictitious Name Statement expires five years from the date it was filed in the office of the County Clerk. A new Fictitious Business Name Statement must be filed prior to that date. The filing of this statement does not of itself authorize the use in this state of a Fictitious Business Name in violation of the rights of another under Federal, State, or common law (See section 14411 et seq. Business and Professions Code)Publish: Mountain Views News
Dates Pub: July 30, Aug 06, 13, 20, 2011
FICTITIOUS BUSINESS NAME STATEMENT
File No. 11-067312
The following person(s) is (are) doing business as: RAMIREZ TRANSPORTATION, 9816 ALEXANDER AVE., SOUTH GATE, CA 90280. Full name of registrant(s) is (are) RAMIREZ, JOSE LEONARDO. This Business is conducted by: AN INDIVIDUAL. Signed: RAMIREZ, JOSE LEONARDO. This statement was filed with the County Clerk of Los Angeles County. NOTICE- This Fictitious Name Statement expires five years from the date it was filed in the office of the County Clerk. A new Fictitious Business Name Statement must be filed prior to that date. The filing of this statement does not of itself authorize the use in this state of a Fictitious Business Name in violation of the rights of another under Federal, State, or common law (See section 14411 et seq. Business and Professions Code)Publish: Mountain Views News
Dates Pub: July 30, Aug 06, 13, 20, 2011
FICTITIOUS BUSINESS NAME STATEMENT
File No. 11-067313
The following person(s) is (are) doing business as: RONALDO ESPINALES TRANSPORTATION, 8292 CALIFORNIA AVE., SOUTH GATE, CA 90280. Full name of registrant(s) is (are) ESPINALES, RONALDO F. This Business is conducted by: AN INDIVIDUAL. Signed: RONALDO F. ESPINALES. This statement was filed with the County Clerk of Los Angeles County. NOTICE- This Fictitious Name Statement expires five years from the date it was filed in the office of the County Clerk. A new Fictitious Business Name Statement must be filed prior to that date. The filing of this statement does not of itself authorize the use in this state of a Fictitious Business Name in violation of the rights of another under Federal, State, or common law (See section 14411 et seq. Business and Professions Code)Publish: Mountain Views News
Dates Pub: July 30, Aug 06, 13, 20, 2011
FICTITIOUS BUSINESS NAME STATEMENT
File No. 11-067314
The following person(s) is (are) doing business as: BEYEN TRANSPORTATION, 1350 KING ST., SAN BERNARDINO, CA 92410. Full name of registrant(s) is (are) ADOLFO BEYEN. This Business is conducted by: AN INDIVIDUAL. This statement was filed with the County Clerk of Los Angeles County. NOTICE- This Fictitious Name Statement expires five years from the date it was filed in the office of the County Clerk. A new Fictitious Business Name Statement must be filed prior to that date. The filing of this statement does not of itself authorize the use in this state of a Fictitious Business Name in violation of the rights of another under Federal, State, or common law (See section 14411 et seq. Business and Professions Code)Publish: Mountain Views News
Dates Pub: July 30, Aug 06, 13, 20, 2011
